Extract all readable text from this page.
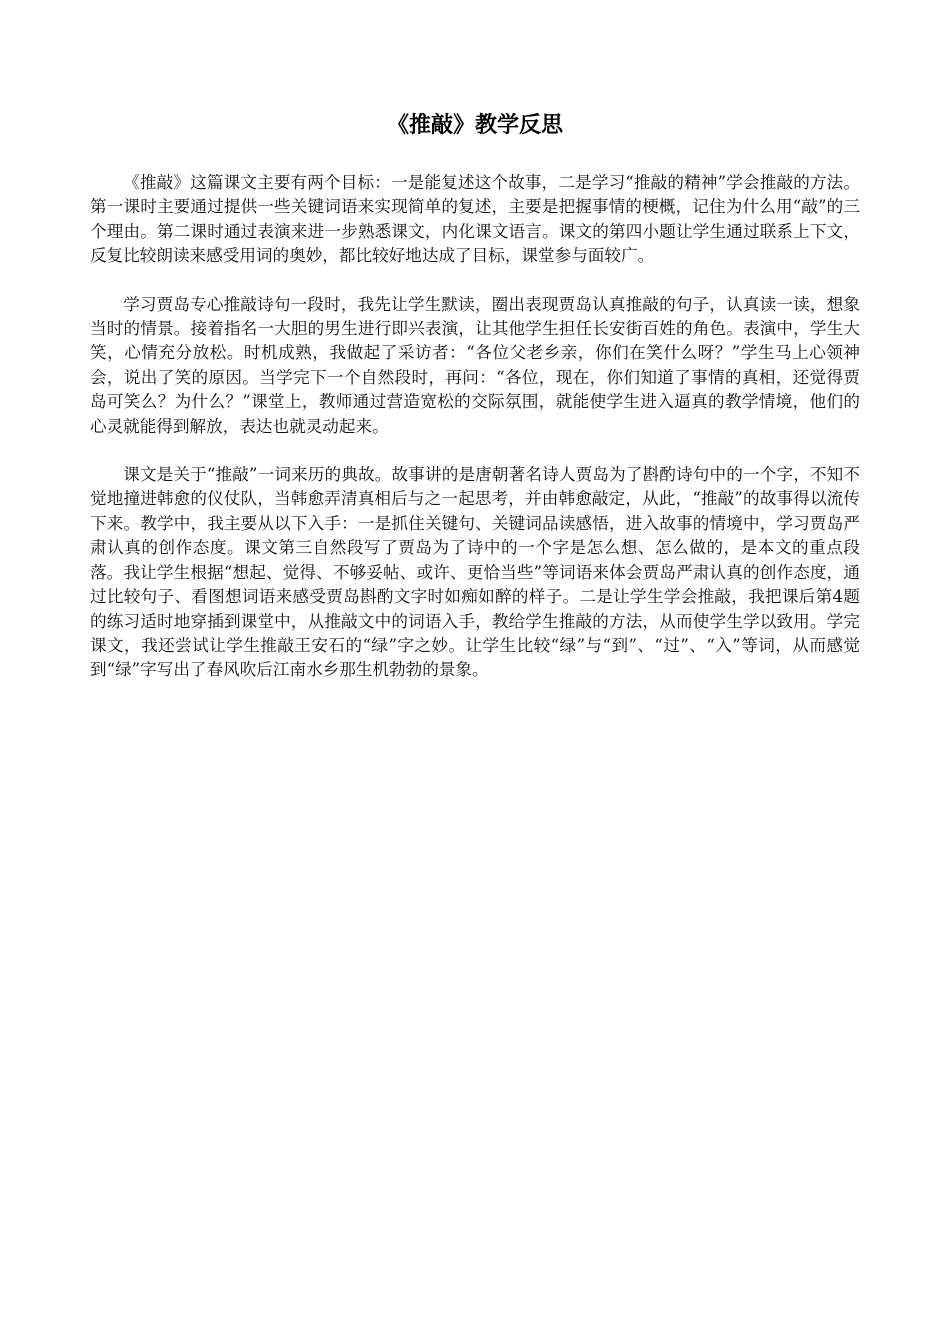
《推敲》教学反思

《推敲》这篇课文主要有两个目标：一是能复述这个故事，二是学习“推敲的精神”学会推敲的方法。第一课时主要通过提供一些关键词语来实现简单的复述，主要是把握事情的梗概，记住为什么用“敲”的三个理由。第二课时通过表演来进一步熟悉课文，内化课文语言。课文的第四小题让学生通过联系上下文，反复比较朗读来感受用词的奥妙，都比较好地达成了目标，课堂参与面较广。

学习贾岛专心推敲诗句一段时，我先让学生默读，圈出表现贾岛认真推敲的句子，认真读一读，想象当时的情景。接着指名一大胆的男生进行即兴表演，让其他学生担任长安街百姓的角色。表演中，学生大笑，心情充分放松。时机成熟，我做起了采访者：“各位父老乡亲，你们在笑什么呀？”学生马上心领神会，说出了笑的原因。当学完下一个自然段时，再问：“各位，现在，你们知道了事情的真相，还觉得贾岛可笑么？为什么？”课堂上，教师通过营造宽松的交际氛围，就能使学生进入逼真的教学情境，他们的心灵就能得到解放，表达也就灵动起来。

课文是关于“推敲”一词来历的典故。故事讲的是唐朝著名诗人贾岛为了斟酌诗句中的一个字，不知不觉地撞进韩愈的仪仗队，当韩愈弄清真相后与之一起思考，并由韩愈敲定，从此，“推敲”的故事得以流传下来。教学中，我主要从以下入手：一是抓住关键句、关键词品读感悟，进入故事的情境中，学习贾岛严肃认真的创作态度。课文第三自然段写了贾岛为了诗中的一个字是怎么想、怎么做的，是本文的重点段落。我让学生根据“想起、觉得、不够妥帖、或许、更恰当些”等词语来体会贾岛严肃认真的创作态度，通过比较句子、看图想词语来感受贾岛斟酌文字时如痴如醉的样子。二是让学生学会推敲，我把课后第4题的练习适时地穿插到课堂中，从推敲文中的词语入手，教给学生推敲的方法，从而使学生学以致用。学完课文，我还尝试让学生推敲王安石的“绿”字之妙。让学生比较“绿”与“到”、“过”、“入”等词，从而感觉到“绿”字写出了春风吹后江南水乡那生机勃勃的景象。
